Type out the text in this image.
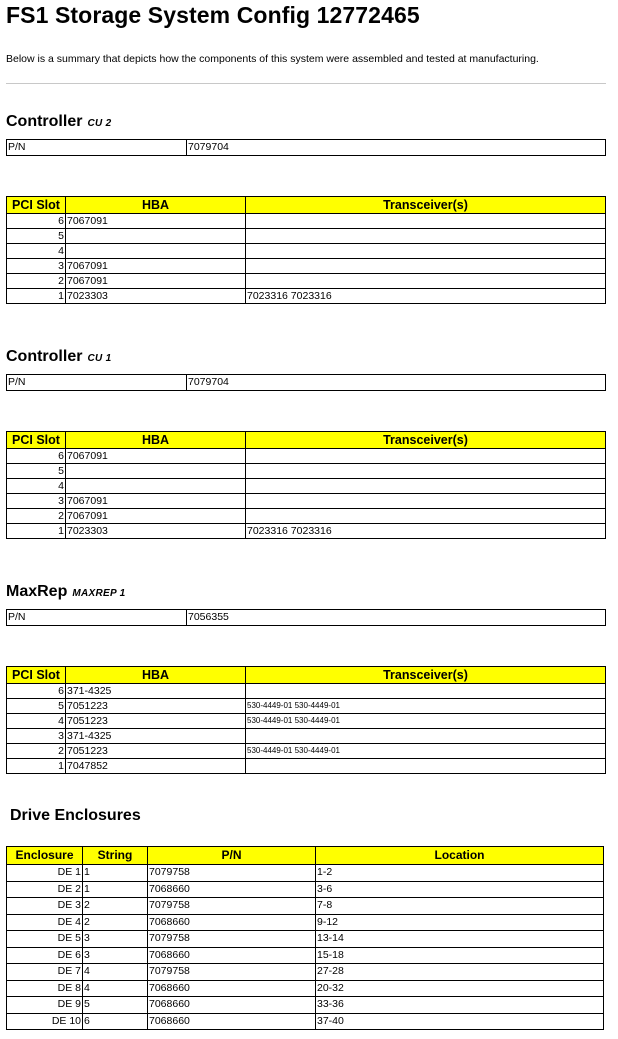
FS1 Storage System Config 12772465

Below is a summary that depicts how the components of this system were assembled and tested at manufacturing.

Controller CU 2
P/N	7079704
PCI Slot	HBA	Transceiver(s)
6	7067091	
5		
4		
3	7067091	
2	7067091	
1	7023303	7023316 7023316
Controller CU 1
P/N	7079704
PCI Slot	HBA	Transceiver(s)
6	7067091	
5		
4		
3	7067091	
2	7067091	
1	7023303	7023316 7023316
MaxRep MAXREP 1
P/N	7056355
PCI Slot	HBA	Transceiver(s)
6	371-4325	
5	7051223	530-4449-01 530-4449-01
4	7051223	530-4449-01 530-4449-01
3	371-4325	
2	7051223	530-4449-01 530-4449-01
1	7047852	
Drive Enclosures
Enclosure	String	P/N	Location
DE 1	1	7079758	1-2
DE 2	1	7068660	3-6
DE 3	2	7079758	7-8
DE 4	2	7068660	9-12
DE 5	3	7079758	13-14
DE 6	3	7068660	15-18
DE 7	4	7079758	27-28
DE 8	4	7068660	20-32
DE 9	5	7068660	33-36
DE 10	6	7068660	37-40
